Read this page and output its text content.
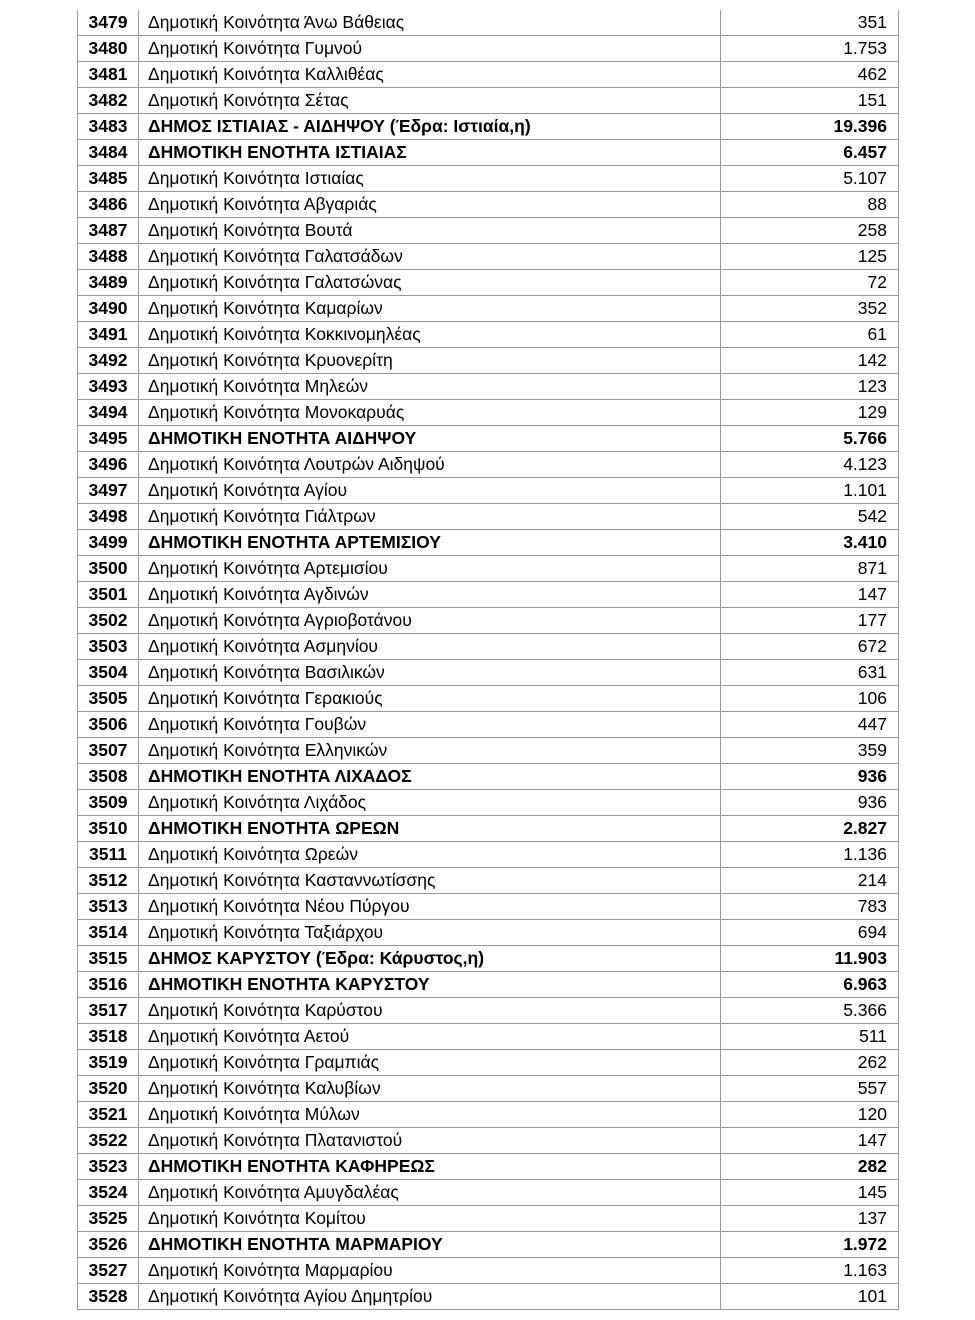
3479	Δημοτική Κοινότητα Άνω Βάθειας	351
3480	Δημοτική Κοινότητα Γυμνού	1.753
3481	Δημοτική Κοινότητα Καλλιθέας	462
3482	Δημοτική Κοινότητα Σέτας	151
3483	ΔΗΜΟΣ ΙΣΤΙΑΙΑΣ - ΑΙΔΗΨΟΥ (Έδρα: Ιστιαία,η)	19.396
3484	ΔΗΜΟΤΙΚΗ ΕΝΟΤΗΤΑ ΙΣΤΙΑΙΑΣ	6.457
3485	Δημοτική Κοινότητα Ιστιαίας	5.107
3486	Δημοτική Κοινότητα Αβγαριάς	88
3487	Δημοτική Κοινότητα Βουτά	258
3488	Δημοτική Κοινότητα Γαλατσάδων	125
3489	Δημοτική Κοινότητα Γαλατσώνας	72
3490	Δημοτική Κοινότητα Καμαρίων	352
3491	Δημοτική Κοινότητα Κοκκινομηλέας	61
3492	Δημοτική Κοινότητα Κρυονερίτη	142
3493	Δημοτική Κοινότητα Μηλεών	123
3494	Δημοτική Κοινότητα Μονοκαρυάς	129
3495	ΔΗΜΟΤΙΚΗ ΕΝΟΤΗΤΑ ΑΙΔΗΨΟΥ	5.766
3496	Δημοτική Κοινότητα Λουτρών Αιδηψού	4.123
3497	Δημοτική Κοινότητα Αγίου	1.101
3498	Δημοτική Κοινότητα Γιάλτρων	542
3499	ΔΗΜΟΤΙΚΗ ΕΝΟΤΗΤΑ ΑΡΤΕΜΙΣΙΟΥ	3.410
3500	Δημοτική Κοινότητα Αρτεμισίου	871
3501	Δημοτική Κοινότητα Αγδινών	147
3502	Δημοτική Κοινότητα Αγριοβοτάνου	177
3503	Δημοτική Κοινότητα Ασμηνίου	672
3504	Δημοτική Κοινότητα Βασιλικών	631
3505	Δημοτική Κοινότητα Γερακιούς	106
3506	Δημοτική Κοινότητα Γουβών	447
3507	Δημοτική Κοινότητα Ελληνικών	359
3508	ΔΗΜΟΤΙΚΗ ΕΝΟΤΗΤΑ ΛΙΧΑΔΟΣ	936
3509	Δημοτική Κοινότητα Λιχάδος	936
3510	ΔΗΜΟΤΙΚΗ ΕΝΟΤΗΤΑ ΩΡΕΩΝ	2.827
3511	Δημοτική Κοινότητα Ωρεών	1.136
3512	Δημοτική Κοινότητα Κασταννωτίσσης	214
3513	Δημοτική Κοινότητα Νέου Πύργου	783
3514	Δημοτική Κοινότητα Ταξιάρχου	694
3515	ΔΗΜΟΣ ΚΑΡΥΣΤΟΥ (Έδρα: Κάρυστος,η)	11.903
3516	ΔΗΜΟΤΙΚΗ ΕΝΟΤΗΤΑ ΚΑΡΥΣΤΟΥ	6.963
3517	Δημοτική Κοινότητα Καρύστου	5.366
3518	Δημοτική Κοινότητα Αετού	511
3519	Δημοτική Κοινότητα Γραμπιάς	262
3520	Δημοτική Κοινότητα Καλυβίων	557
3521	Δημοτική Κοινότητα Μύλων	120
3522	Δημοτική Κοινότητα Πλατανιστού	147
3523	ΔΗΜΟΤΙΚΗ ΕΝΟΤΗΤΑ ΚΑΦΗΡΕΩΣ	282
3524	Δημοτική Κοινότητα Αμυγδαλέας	145
3525	Δημοτική Κοινότητα Κομίτου	137
3526	ΔΗΜΟΤΙΚΗ ΕΝΟΤΗΤΑ ΜΑΡΜΑΡΙΟΥ	1.972
3527	Δημοτική Κοινότητα Μαρμαρίου	1.163
3528	Δημοτική Κοινότητα Αγίου Δημητρίου	101
